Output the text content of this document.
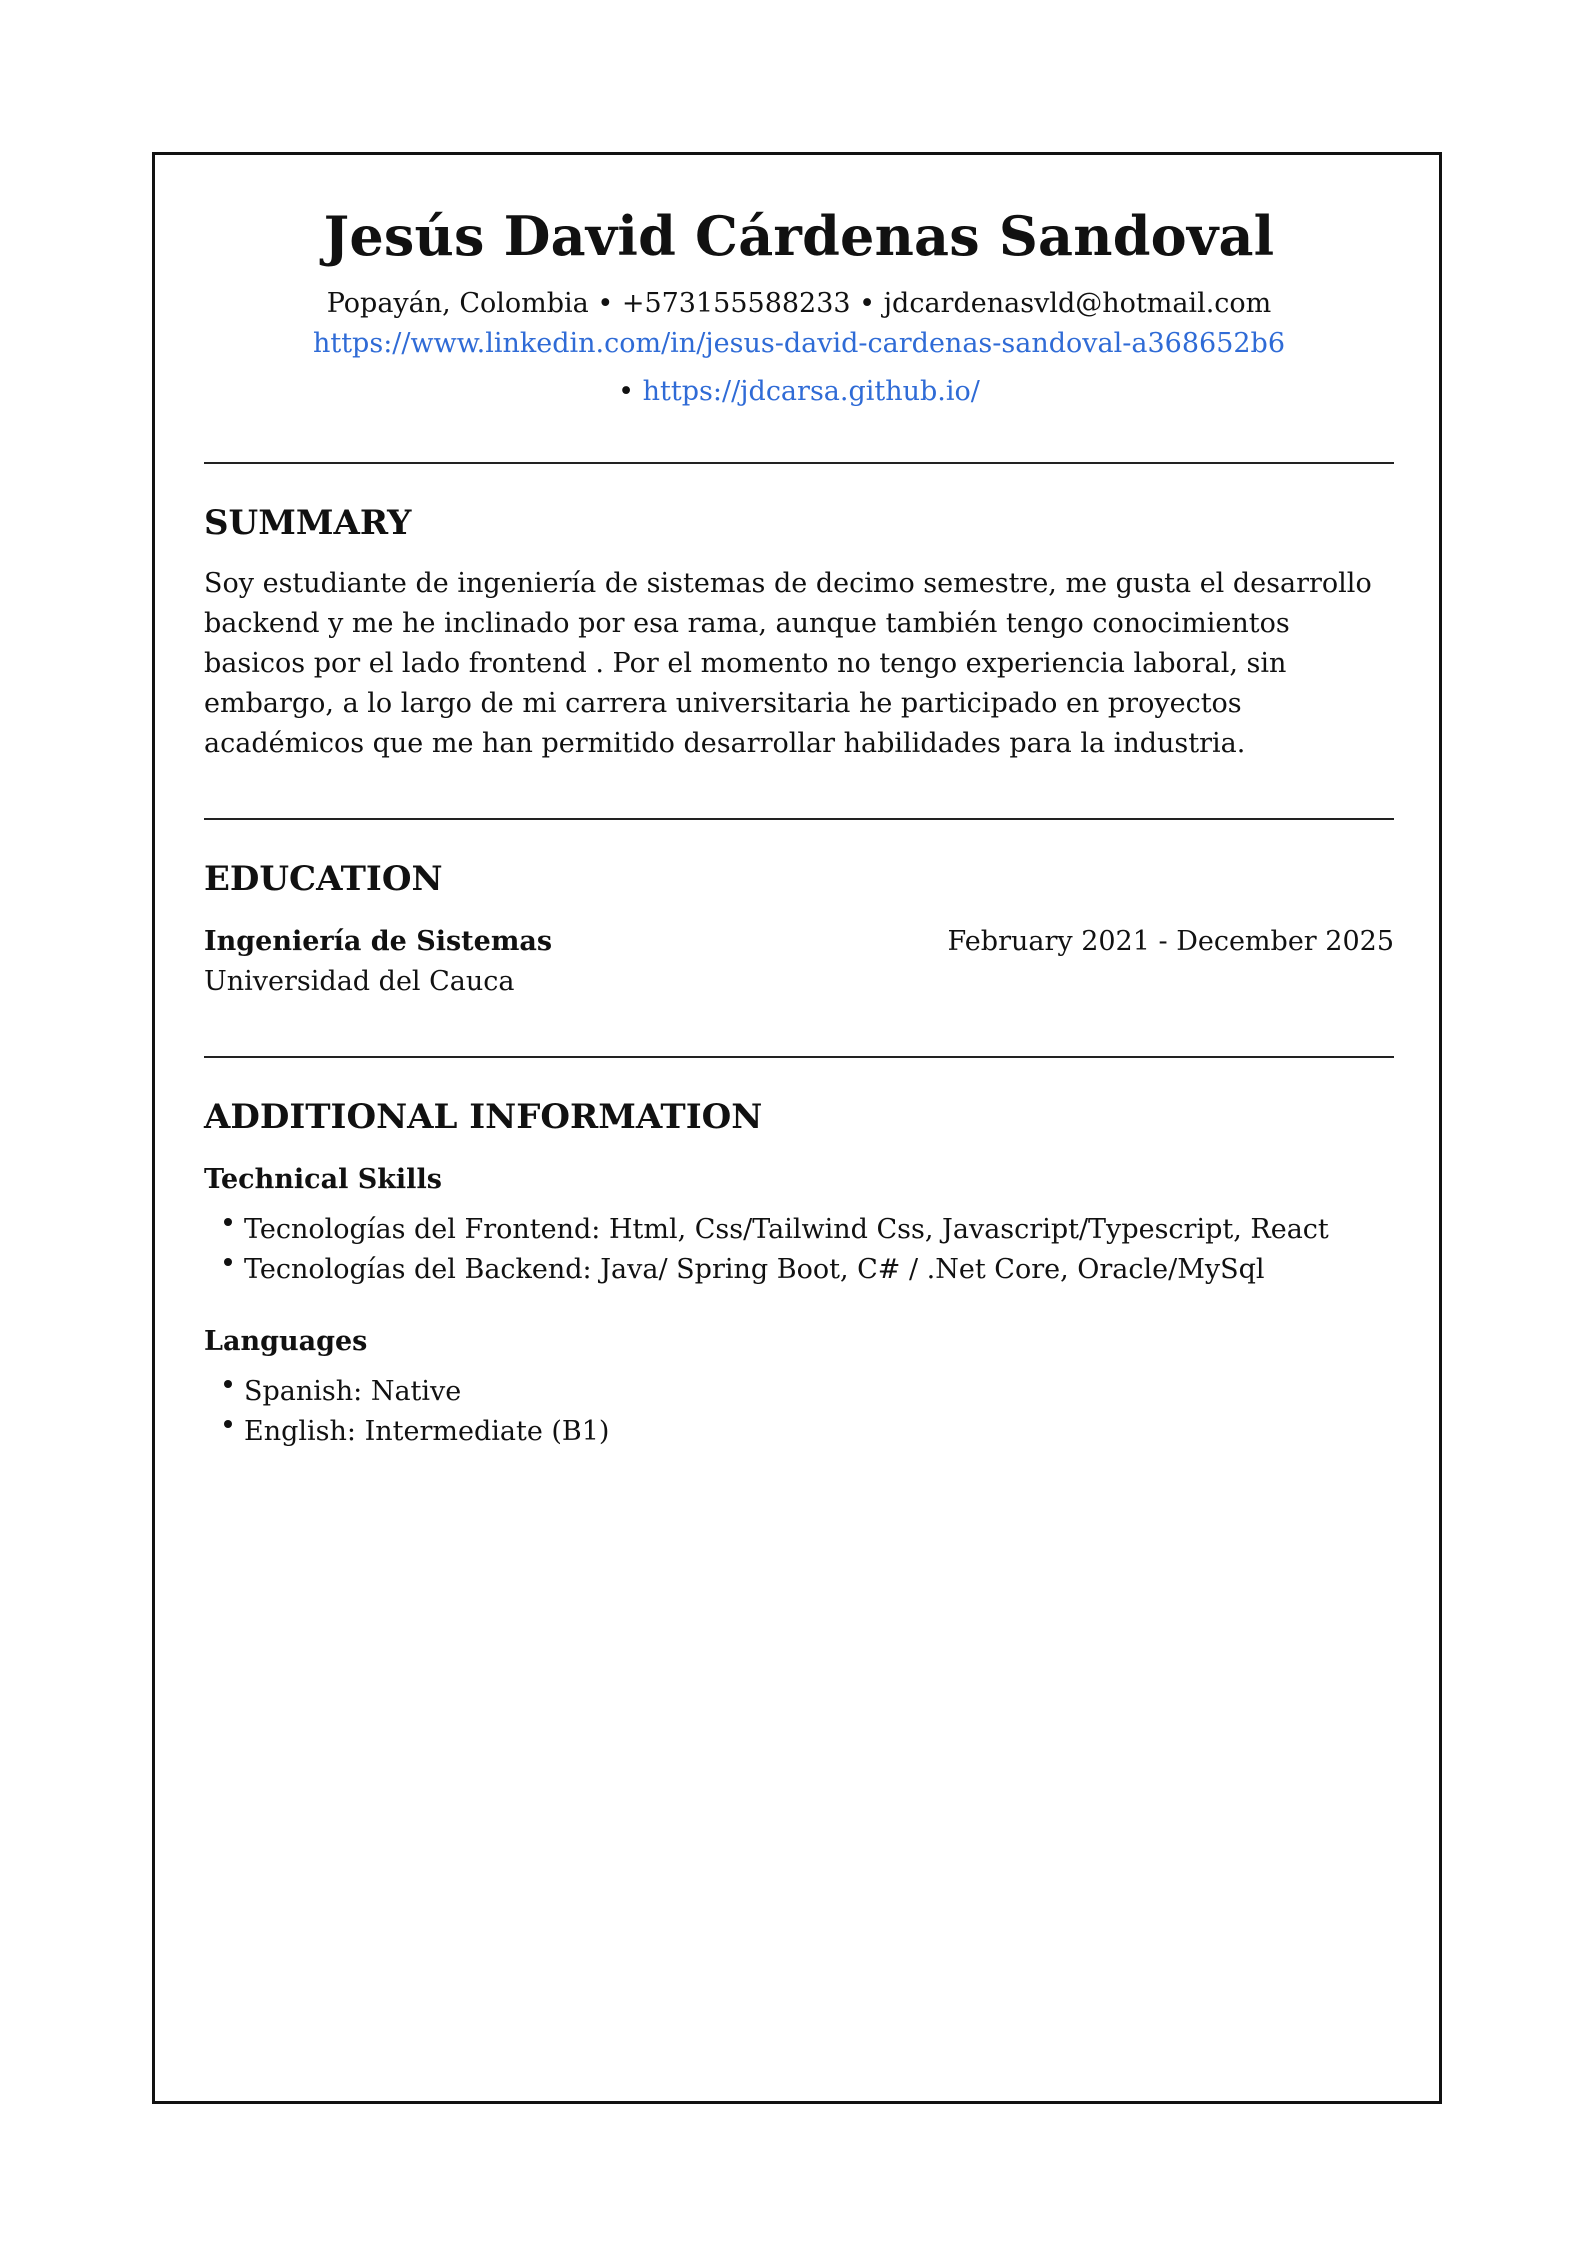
Jesús David Cárdenas Sandoval
Popayán, Colombia • +573155588233 • jdcardenasvld@hotmail.com
https://www.linkedin.com/in/jesus-david-cardenas-sandoval-a368652b6
• https://jdcarsa.github.io/
SUMMARY

Soy estudiante de ingeniería de sistemas de decimo semestre, me gusta el desarrollo backend y me he inclinado por esa rama, aunque también tengo conocimientos basicos por el lado frontend . Por el momento no tengo experiencia laboral, sin embargo, a lo largo de mi carrera universitaria he participado en proyectos académicos que me han permitido desarrollar habilidades para la industria.

EDUCATION
Ingeniería de Sistemas	February 2021 - December 2025
Universidad del Cauca
ADDITIONAL INFORMATION
Technical Skills
Tecnologías del Frontend: Html, Css/Tailwind Css, Javascript/Typescript, React
Tecnologías del Backend: Java/ Spring Boot, C# / .Net Core, Oracle/MySql
Languages
Spanish: Native
English: Intermediate (B1)
